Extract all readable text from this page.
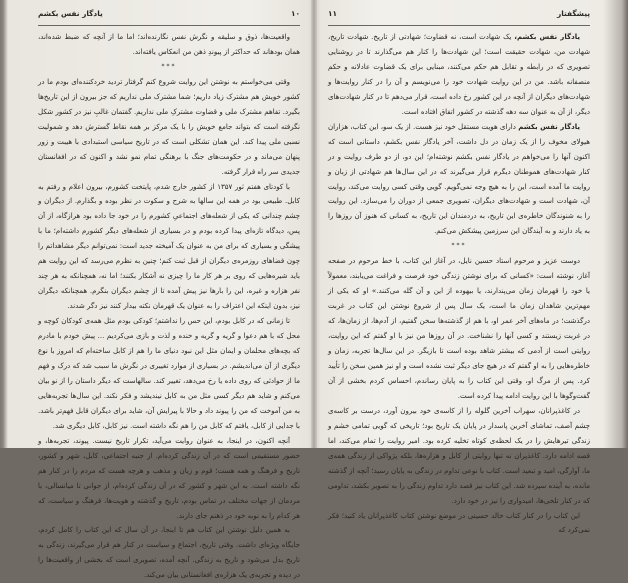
۱۰
یادگار نفس بکشم

واقعیت‌ها، ذوق و سلیقه و نگرش نفس نگارنده‌اند؛ اما ما از آنچه که ضبط شده‌اند، همان بودهاند که حداکثر از پیوندِ ذهن من انعکاس یافته‌اند.

***

وقتی می‌خواستم به نوشتن این روایت شروع کنم گرفتار تردید خردکننده‌ای بودم ما در کشور خویش هم مشترک زیاد داریم؛ شما مشترک ملی نداریم که جز بیرون از این تاریخ‌ها بگیرد. تفاهم مشترک ملی و قضاوت مشترکِ ملی نداریم. گفتمان غالبِ نیز در کشور شکل نگرفته است که بتواند جامع خویش را با یک مرکز بر همه نقاط گسترش دهد و شمولیت نسبی ملی پیدا کند. این همان تشکلی است که در تاریخ سیاسی استبدادی با هیبت و زور پنهان می‌ماند و در حکومت‌های جنگ با برهنگی تمام نمو نشد و اکنون که در افغانستان جدیدی سر راه قرار گرفته.

با کودتای هفتم ثور ۱۳۵۷ از کشور خارج شدم، پایتخت کشورم، بیرون اعلام و رفتم به کابل. طبیعی بود در همه این سالها به شرح و سکوت در نظر بوده و بگذارم. از دیگران و چشم چندانی که یکی از شعله‌های اجتماعیِ کشورم را در خود جا داده بود هرازگاه، از آن پس، دیدگاه تازه‌ای پیدا کرده بودم و در بسیاری از شعله‌های دیگر کشورم داشته‌ام؛ ما با پیشگی و بسیاری که برای من به عنوان یک آمیخته جدید است: نمی‌توانم دیگر مشاهداتم را چون فضاهای روزمره‌ی دیگران از قبل ثبت کنم؛ چنین به نظرم می‌رسد که این روایت هم باید شیره‌هایی که روی بر هر کار ما را چیزی نه آشکار بکنند؛ اما نه، همچنانکه به هر چند نفر هزاره و غیره، این را بارها نیز پیش آمده تا از چشم دیگران بنگرم. همچنانکه دیگران نیز، بدون اینکه این اعتراف را به عنوان یک قهرمان نکته بیدار کنند نیز دگر شدند.

تا زمانی که در کابل بودم، این حس را نداشتم؛ کودکی بودم مثل همه‌ی کودکان کوچه و محل که با هم دعوا و گریه و گریه و خنده و لذت و بازی می‌کردیم ... پیش خودم با مادرم که بچه‌های محلمان و ایمان مثل این نبود دنیای ما را هم از کابل ساخته‌ام که امروز با نوع دیگری از آن می‌اندیشم. در بسیاری از موارد تغییری در نگرش ما سبب شد که درک و فهم ما از حوادثی که روی داده یا رخ می‌دهد، تغییر کند. سالهاست که دیگر داستان را از نو بیان می‌کنم و شاید هم دیگر کسی مثل من به کابل نیندیشد و فکر نکند. این سال‌ها تجربه‌هایی به من آموخت که من را پیوند داد و حالا با پیرایش آن، شاید برای دیگران قابل فهم‌تر باشد. با جدایی از کابل، یافتم که کابل من را هم نگه داشته است. نیز کابل، کابل دیگری شد.

آنچه اکنون، در اینجا، به عنوان روایت می‌آید، تکرار تاریخ نیست. پیوند، تجربه‌ها، و حضور مستقیمی است که در آن زندگی کرده‌ام. از جنبه اجتماعی، کابل، شهر و کشور، تاریخ و فرهنگ و همه هست؛ قوم و زبان و مذهب و هرچه هست که مردم را در کنار هم نگه داشته است. به این شهر و کشور که در آن زندگی کرده‌ام، از جوانی تا میانسالی، با مردمان از جهات مختلف در تماس بودم، تاریخ و گذشته و هویت‌ها، فرهنگ و سیاست، که هر کدام را به نوبه خود در ذهنم جای دارند.

به همین دلیل نوشتن این کتاب هم تا اینجا، در آن سال که این کتاب را کامل کردم، جایگاه ویژه‌ای داشت. وقتی تاریخ، اجتماع و سیاست در کنار هم قرار می‌گیرند، زندگی به تاریخ بدل می‌شود و تاریخ به زندگی. آنچه آمده، تصویری است که بخشی از واقعیت‌ها را در دیده و تجربه‌ی یک هزاره‌ی افغانستانی بیان می‌کند.

پیشگفتار
۱۱

یادگار نفس بکشم، یک شهادت است، نه قضاوت؛ شهادتی از تاریخ. شهادت تاریخ، شهادت من، شهادت حقیقت است؛ این شهادت‌ها را کنار هم می‌گذارند تا در روشنایی تصویری که در رابطه و تقابل هم حکم می‌کنند، مبنایی برای یک قضاوت عادلانه و حکم منصفانه باشد. من در این روایت شهادت خود را می‌نویسم و آن را در کنار روایت‌ها و شهادت‌های دیگران از آنچه در این کشور رخ داده است، قرار می‌دهم تا در کنار شهادت‌های دیگر، از آن به عنوان سه دهه گذشته در کشور اتفاق افتاده است.

یادگار نفس بکشم دارای هویت مستقل خود نیز هست. از یک سو، این کتاب، هزاران هیولای مخوف را از یک زمان در دل داشت، آخر یادگار نفس بکشم، داستانی است که اکنون آنها را می‌خواهم در یادگار نفس بکشم نوشته‌ام؛ این دو، از دو طرف روایت و در کنار شهادت‌های هموطنان دیگرم قرار می‌گیرند که در این سال‌ها هم شهادتی از زبان و روایت ما آمده است، این را به هیچ وجه نمی‌گویم. گویی وقتی کسی روایت می‌کند، روایت آن، شهادت است و شهادت‌های دیگران، تصویری جمعی از دوران را می‌سازد. این روایت را به شنوندگان خاطره‌ی این تاریخ، به دردمندان این تاریخ، به کسانی که هنوز آن روزها را به یاد دارند و به آیندگان این سرزمین پیشکش می‌کنم.

***

دوست عزیز و مرحوم استاد حسین نایل، در آغاز این کتاب، با خط مرحوم در صفحه آغاز، نوشته است: «کسانی که برای نوشتن زندگی خود فرصت و فراغت می‌یابند، معمولاً یا خود را قهرمان زمان می‌پندارند، یا بیهوده از این و آن گله می‌کنند.» او که یکی از مهم‌ترین شاهدان زمان ما است، یک سال پس از شروع نوشتن این کتاب در غربت درگذشت؛ در ماه‌های آخر عمر او، با هم از گذشته‌ها سخن گفتیم، از آدم‌ها، از زمان‌ها، که در غربت زیستند و کسی آنها را نشناخت. در آن روزها من نیز با او گفتم که این روایت، روایتی است از آدمی که بیشتر شاهد بوده است تا بازیگر. در این سال‌ها تجربه، زمان و خاطره‌هایی را به او گفتم که در هیچ جای دیگر ثبت نشده است و او نیز همین سخن را تأیید کرد. پس از مرگ او، وقتی این کتاب را به پایان رساندم، احساس کردم بخشی از آن گفت‌وگوها با این روایت ادامه پیدا کرده است.

در کاغذپرانان، سهراب آخرین گلوله را از کاسه‌ی خود بیرون آورد، درست بر کاسه‌ی چشم آصف، تماشای آخرین پاسدار در پایان یک تاریخ بود؛ تاریخی که گویی تمامی خشم و زندگی تیرهایش را در یک لحظه‌ی کوتاه تخلیه کرده بود. امیر روایت را تمام می‌کند، اما قصه ادامه دارد. کاغذ‌پران نه تنها روایتی از کابل و هزاره‌ها، بلکه پژواکی از زندگی همه‌ی ما، آوارگی، امید و تبعید است. کتاب با نوعی تداوم در زندگی به پایان رسید؛ آنچه از گذشته مانده، به آینده سپرده شد. این کتاب نیز قصد دارد تداوم زندگی را به تصویر بکشد، تداومی که در کنار تلخی‌ها، امیدواری را نیز در خود دارد.

این کتاب را در کنار کتاب خالد حسینی در موضع نوشتن کتاب کاغذپرانان یاد کنید؛ فکر نمی‌کرد که
